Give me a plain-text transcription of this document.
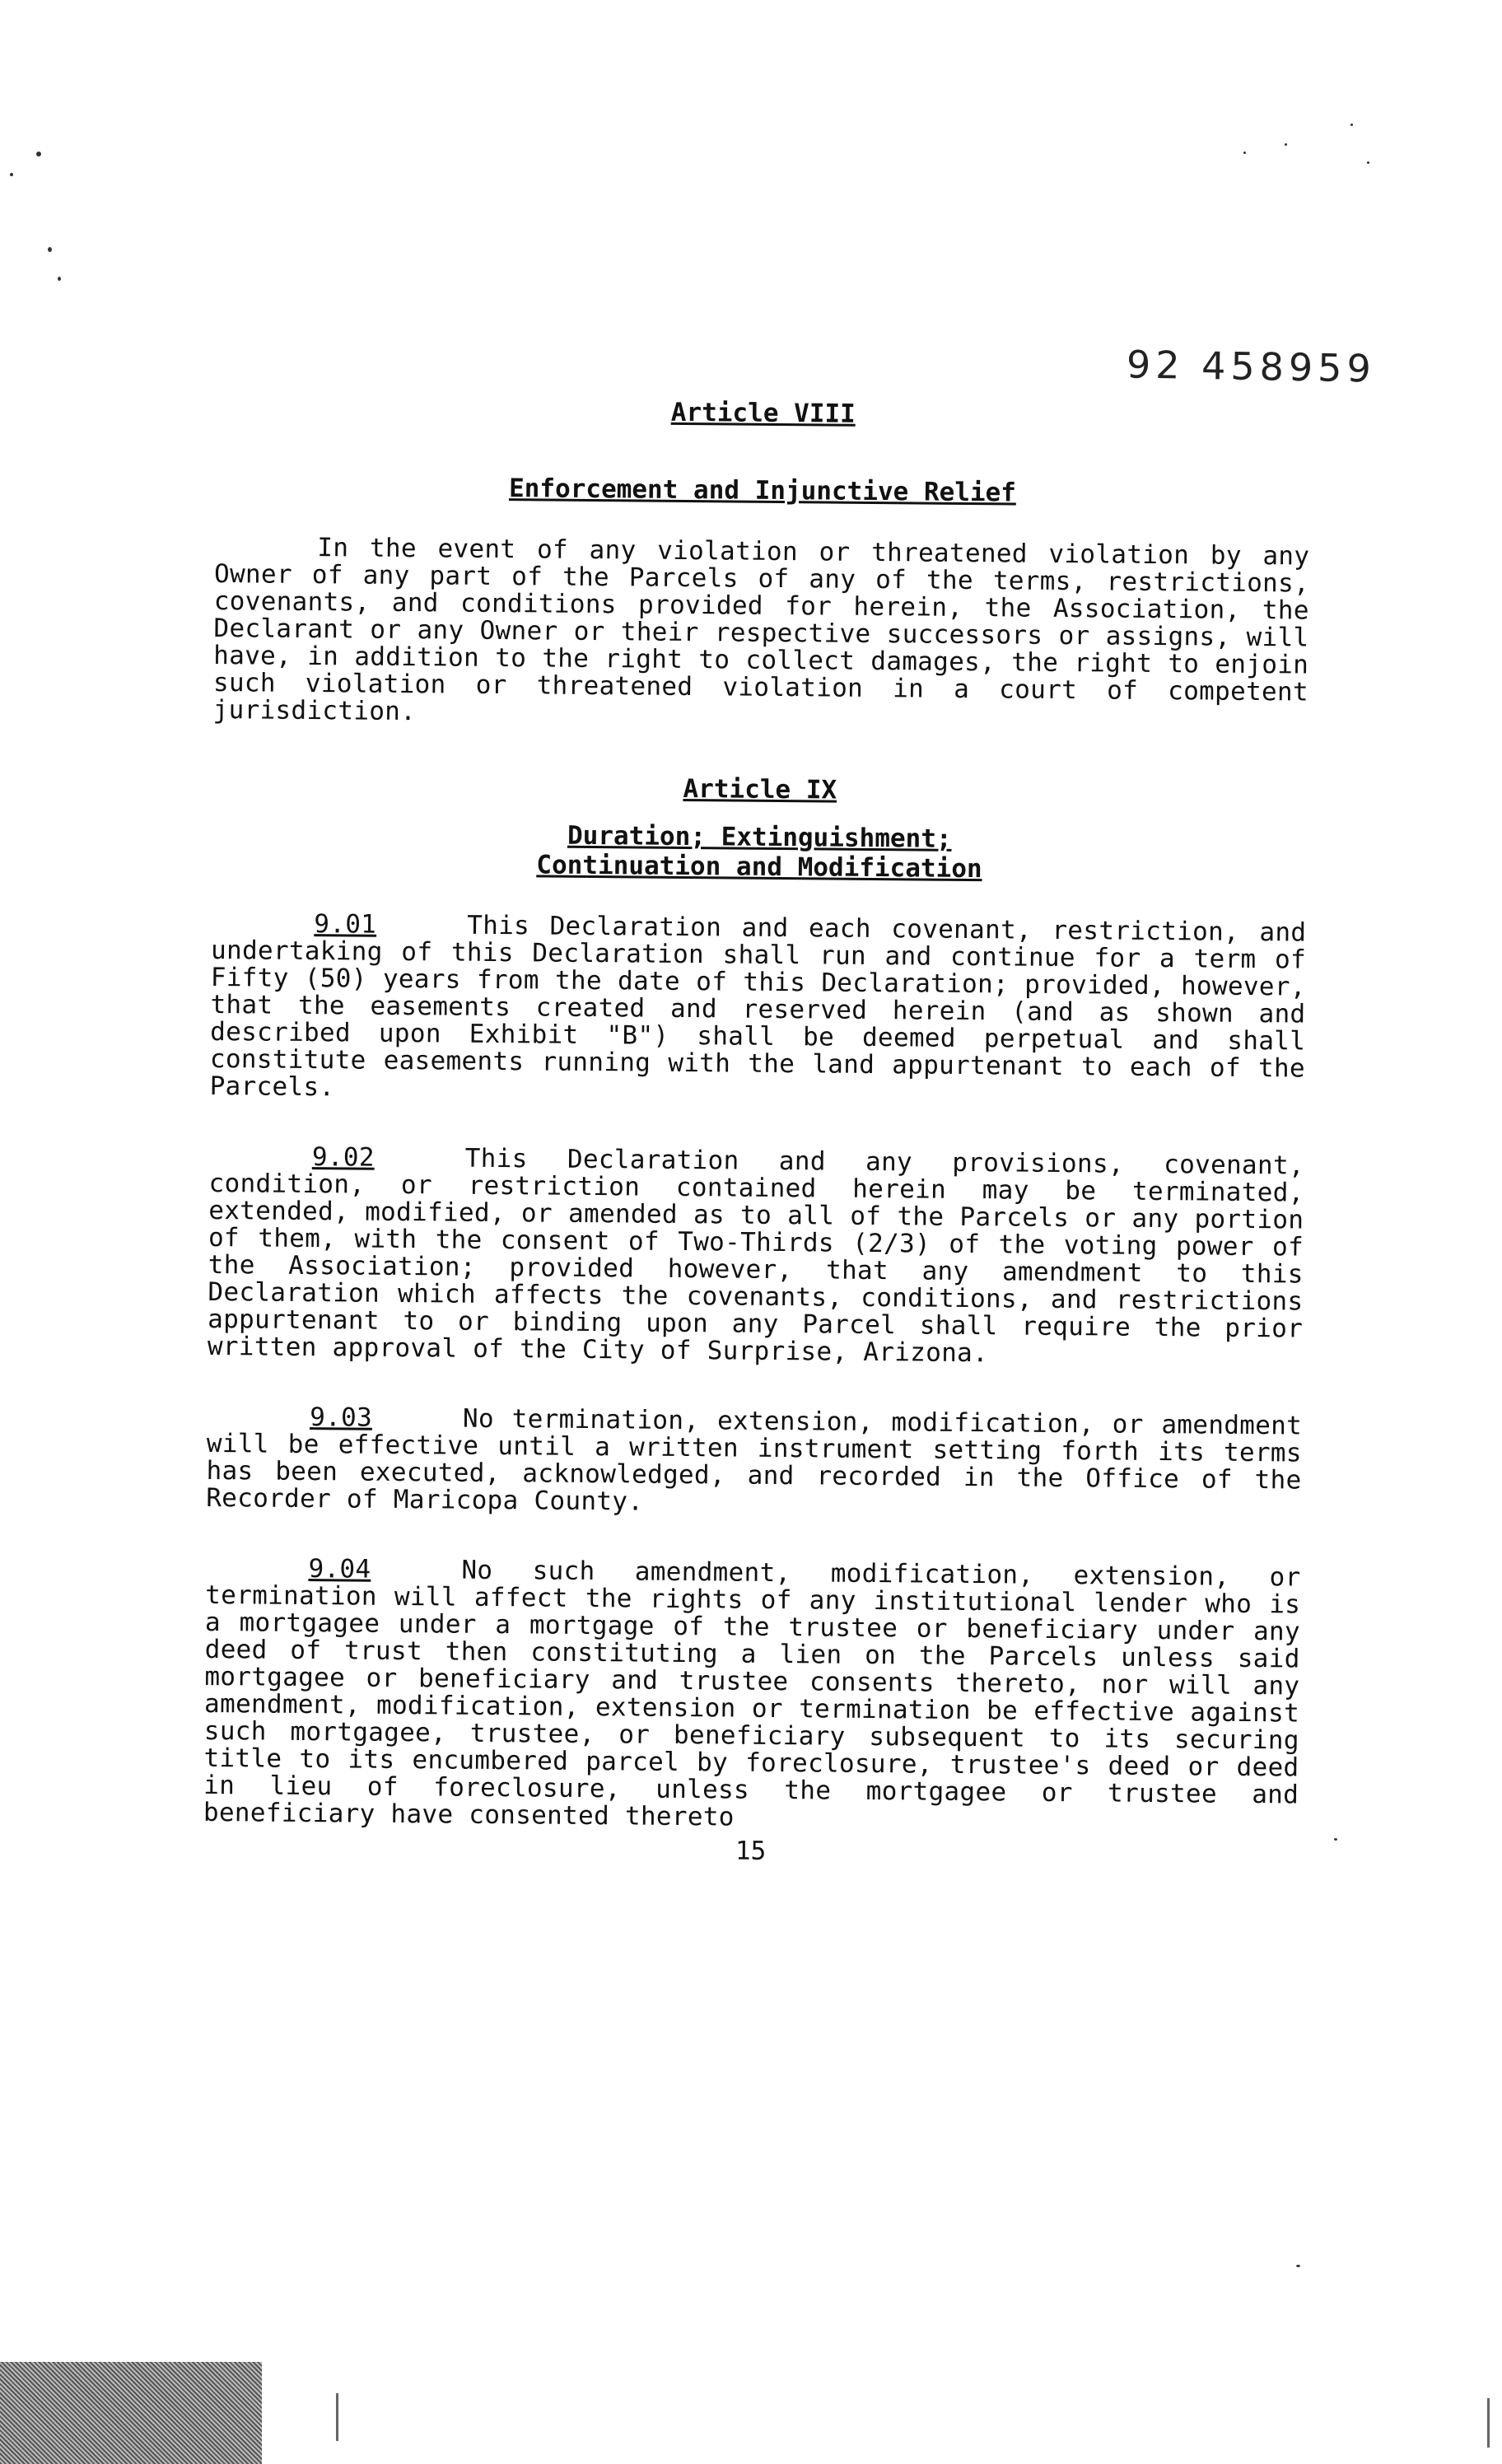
92 458959

Article VIII

Enforcement and Injunctive Relief

In the event of any violation or threatened violation by any Owner of any part of the Parcels of any of the terms, restrictions, covenants, and conditions provided for herein, the Association, the Declarant or any Owner or their respective successors or assigns, will have, in addition to the right to collect damages, the right to enjoin such violation or threatened violation in a court of competent jurisdiction.

Article IX

Duration; Extinguishment;

Continuation and Modification

9.01	This Declaration and each covenant, restriction, and undertaking of this Declaration shall run and continue for a term of Fifty (50) years from the date of this Declaration; provided, however, that the easements created and reserved herein (and as shown and described upon Exhibit "B") shall be deemed perpetual and shall constitute easements running with the land appurtenant to each of the Parcels.

9.02	This Declaration and any provisions, covenant, condition, or restriction contained herein may be terminated, extended, modified, or amended as to all of the Parcels or any portion of them, with the consent of Two-Thirds (2/3) of the voting power of the Association; provided however, that any amendment to this Declaration which affects the covenants, conditions, and restrictions appurtenant to or binding upon any Parcel shall require the prior written approval of the City of Surprise, Arizona.

9.03	No termination, extension, modification, or amendment will be effective until a written instrument setting forth its terms has been executed, acknowledged, and recorded in the Office of the Recorder of Maricopa County.

9.04	No such amendment, modification, extension, or termination will affect the rights of any institutional lender who is a mortgagee under a mortgage of the trustee or beneficiary under any deed of trust then constituting a lien on the Parcels unless said mortgagee or beneficiary and trustee consents thereto, nor will any amendment, modification, extension or termination be effective against such mortgagee, trustee, or beneficiary subsequent to its securing title to its encumbered parcel by foreclosure, trustee's deed or deed in lieu of foreclosure, unless the mortgagee or trustee and beneficiary have consented thereto

15
